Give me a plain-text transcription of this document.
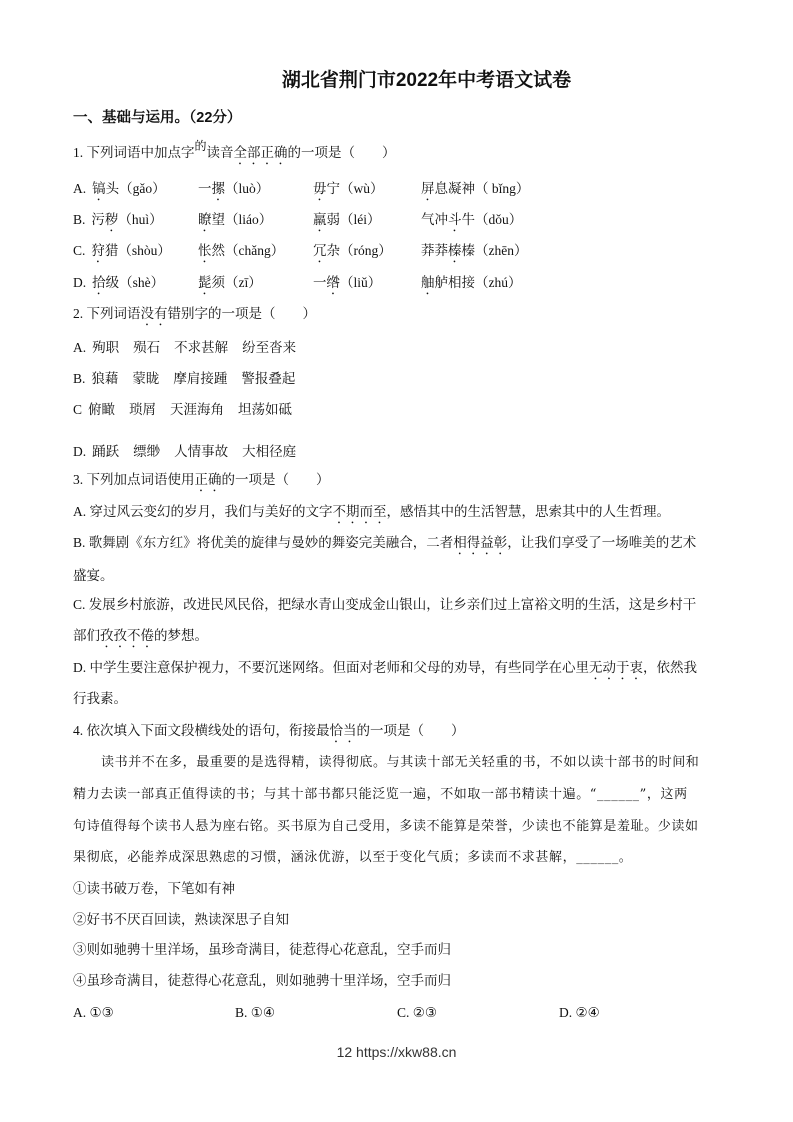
湖北省荆门市2022年中考语文试卷
一、基础与运用。（22分）
1. 下列词语中加点字的读音全部正确的一项是（　　）
A. 镐头（gǎo）	一摞（luò）	毋宁（wù）	屏息凝神（ bǐng）
B. 污秽（huì）	瞭望（liáo）	羸弱（léi）	气冲斗牛（dǒu）
C. 狩猎（shòu）	怅然（chǎng）	冗杂（róng）	莽莽榛榛（zhēn）
D. 拾级（shè）	髭须（zī）	一绺（liǔ）	舳舻相接（zhú）
2. 下列词语没有错别字的一项是（　　）
A. 殉职 殒石 不求甚解 纷至沓来
B. 狼藉 蒙眬 摩肩接踵 警报叠起
C 俯瞰 琐屑 天涯海角 坦荡如砥
D. 踊跃 缥缈 人情事故 大相径庭
3. 下列加点词语使用正确的一项是（　　）
A. 穿过风云变幻的岁月，我们与美好的文字不期而至，感悟其中的生活智慧，思索其中的人生哲理。
B. 歌舞剧《东方红》将优美的旋律与曼妙的舞姿完美融合，二者相得益彰，让我们享受了一场唯美的艺术
盛宴。
C. 发展乡村旅游，改进民风民俗，把绿水青山变成金山银山，让乡亲们过上富裕文明的生活，这是乡村干
部们孜孜不倦的梦想。
D. 中学生要注意保护视力，不要沉迷网络。但面对老师和父母的劝导，有些同学在心里无动于衷，依然我
行我素。
4. 依次填入下面文段横线处的语句，衔接最恰当的一项是（　　）
读书并不在多，最重要的是选得精，读得彻底。与其读十部无关轻重的书，不如以读十部书的时间和
精力去读一部真正值得读的书；与其十部书都只能泛览一遍，不如取一部书精读十遍。“______”，这两
句诗值得每个读书人悬为座右铭。买书原为自己受用，多读不能算是荣誉，少读也不能算是羞耻。少读如
果彻底，必能养成深思熟虑的习惯，涵泳优游，以至于变化气质；多读而不求甚解，______。
①读书破万卷，下笔如有神
②好书不厌百回读，熟读深思子自知
③则如驰骋十里洋场，虽珍奇满目，徒惹得心花意乱，空手而归
④虽珍奇满目，徒惹得心花意乱，则如驰骋十里洋场，空手而归
A. ①③	B. ①④	C. ②③	D. ②④
12 https://xkw88.cn
